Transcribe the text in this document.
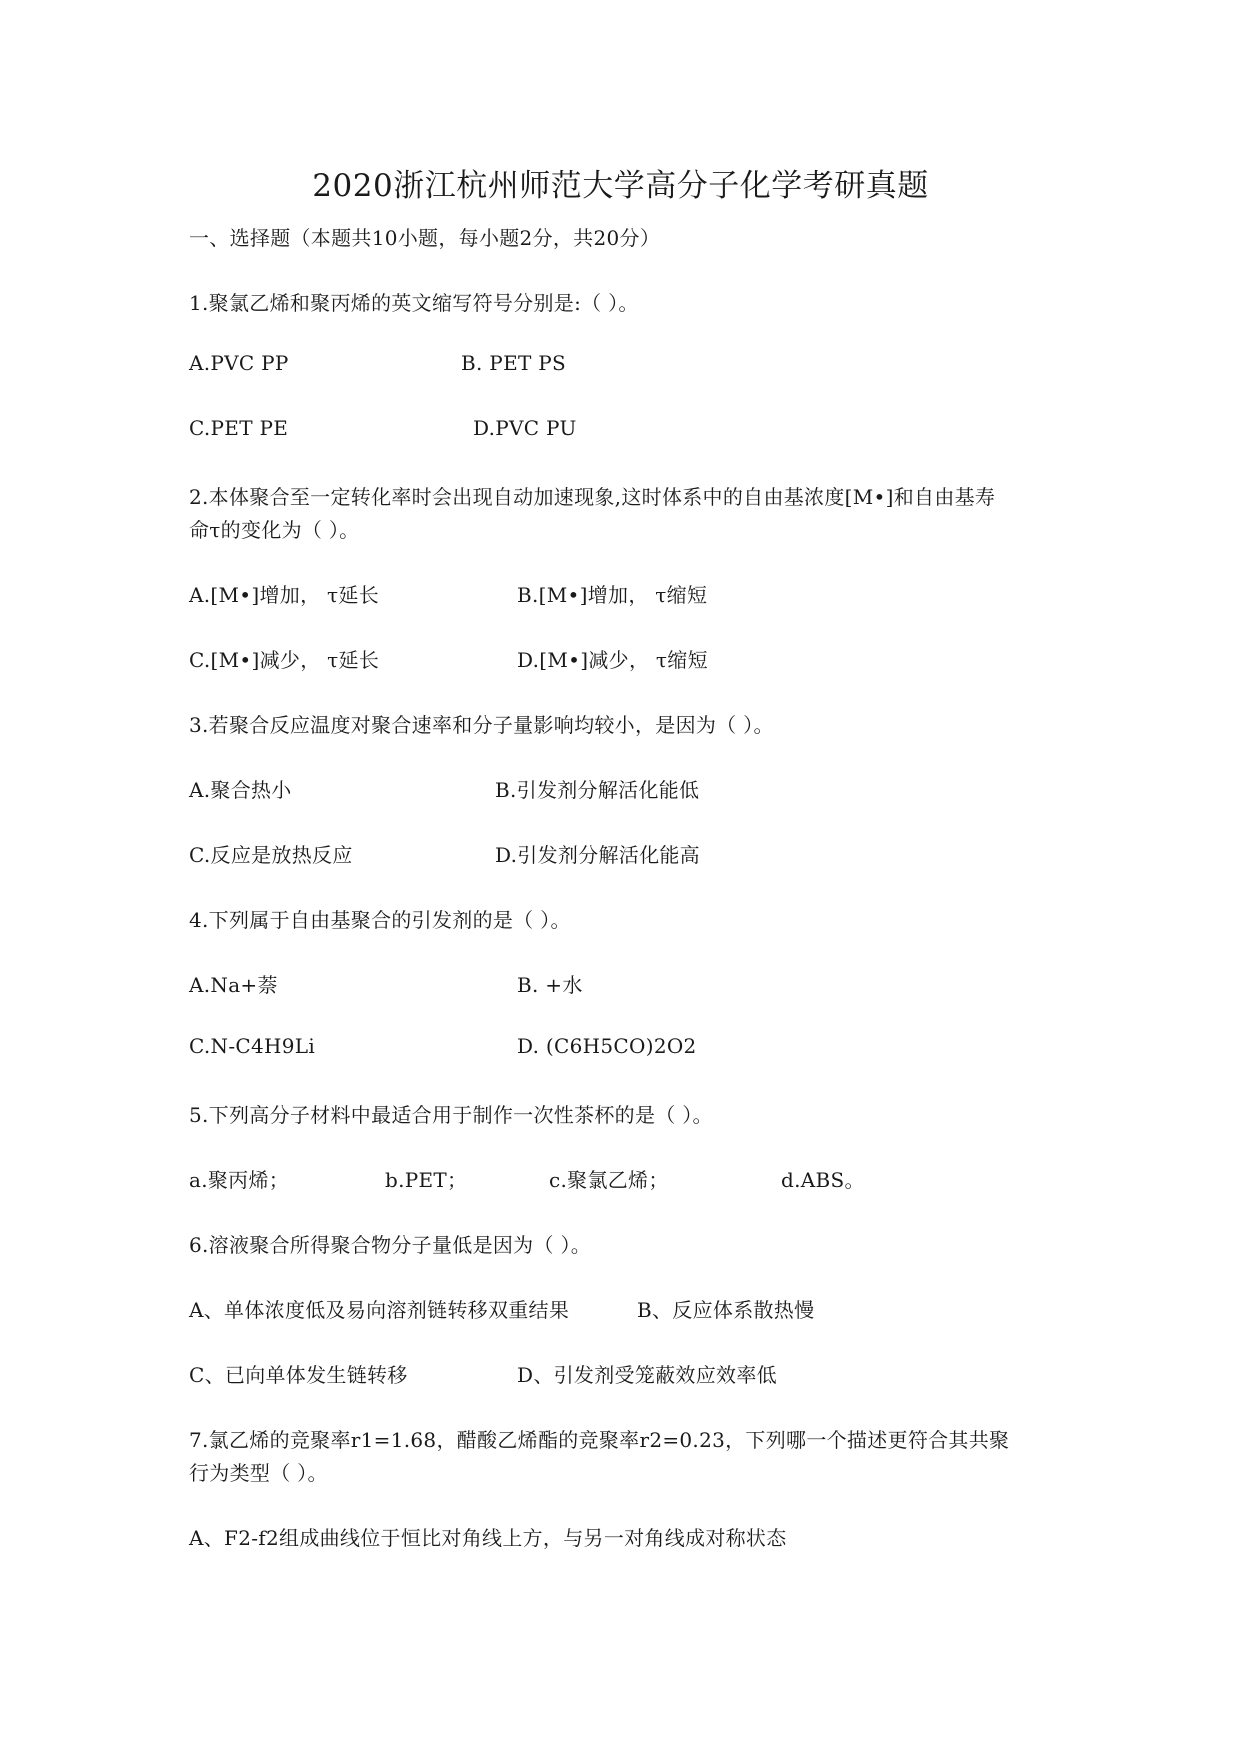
2020浙江杭州师范大学高分子化学考研真题
一、选择题（本题共10小题，每小题2分，共20分）
1.聚氯乙烯和聚丙烯的英文缩写符号分别是:（ ）。
A.PVC PP	B. PET PS
C.PET PE	D.PVC PU
2.本体聚合至一定转化率时会出现自动加速现象,这时体系中的自由基浓度[M•]和自由基寿
命τ的变化为（ ）。
A.[M•]增加， τ延长	B.[M•]增加， τ缩短
C.[M•]减少， τ延长	D.[M•]减少， τ缩短
3.若聚合反应温度对聚合速率和分子量影响均较小，是因为（ ）。
A.聚合热小	B.引发剂分解活化能低
C.反应是放热反应	D.引发剂分解活化能高
4.下列属于自由基聚合的引发剂的是（ ）。
A.Na+萘	B. +水
C.N-C4H9Li	D. (C6H5CO)2O2
5.下列高分子材料中最适合用于制作一次性茶杯的是（ ）。
a.聚丙烯；	b.PET；	c.聚氯乙烯；	d.ABS。
6.溶液聚合所得聚合物分子量低是因为（ ）。
A、单体浓度低及易向溶剂链转移双重结果	B、反应体系散热慢
C、已向单体发生链转移	D、引发剂受笼蔽效应效率低
7.氯乙烯的竞聚率r1=1.68，醋酸乙烯酯的竞聚率r2=0.23，下列哪一个描述更符合其共聚
行为类型（ ）。
A、F2-f2组成曲线位于恒比对角线上方，与另一对角线成对称状态
